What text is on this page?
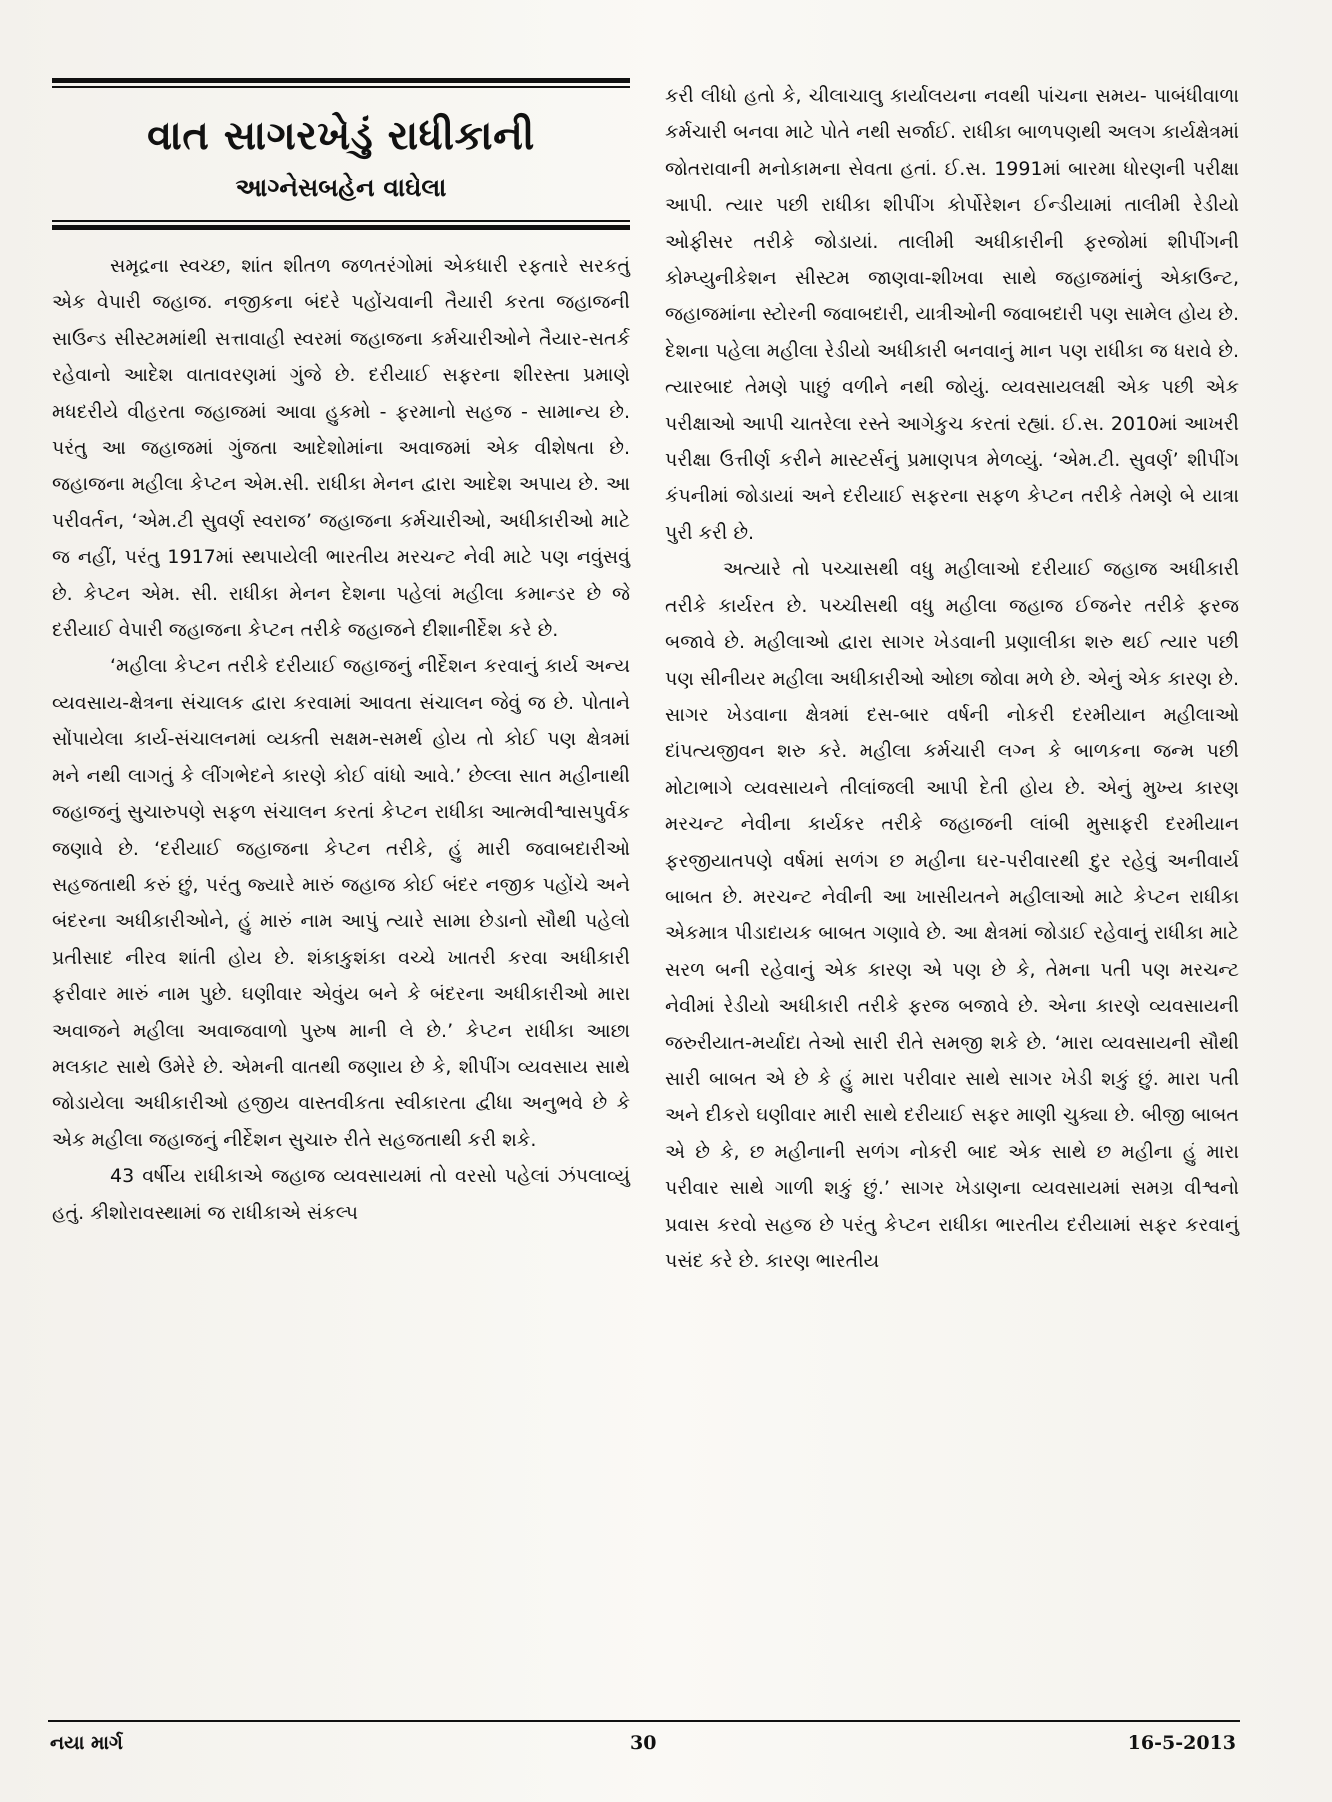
વાત સાગરખેડું રાધીકાની
આગ્નેસબહેન વાઘેલા

સમૃદ્રના સ્વચ્છ, શાંત શીતળ જળતરંગોમાં એકધારી રફતારે સરકતું એક વેપારી જહાજ. નજીકના બંદરે પહોંચવાની તૈયારી કરતા જહાજની સાઉન્ડ સીસ્ટમમાંથી સત્તાવાહી સ્વરમાં જહાજના કર્મચારીઓને તૈયાર-સતર્ક રહેવાનો આદેશ વાતાવરણમાં ગુંજે છે. દરીયાઈ સફરના શીરસ્તા પ્રમાણે મધદરીયે વીહરતા જહાજમાં આવા હુકમો - ફરમાનો સહજ - સામાન્ય છે. પરંતુ આ જહાજમાં ગુંજતા આદેશોમાંના અવાજમાં એક વીશેષતા છે. જહાજના મહીલા કેપ્ટન એમ.સી. રાધીકા મેનન દ્વારા આદેશ અપાય છે. આ પરીવર્તન, ‘એમ.ટી સુવર્ણ સ્વરાજ’ જહાજના કર્મચારીઓ, અધીકારીઓ માટે જ નહીં, પરંતુ 1917માં સ્થપાયેલી ભારતીય મરચન્ટ નેવી માટે પણ નવુંસવું છે. કેપ્ટન એમ. સી. રાધીકા મેનન દેશના પહેલાં મહીલા કમાન્ડર છે જે દરીયાઈ વેપારી જહાજના કેપ્ટન તરીકે જહાજને દીશાનીર્દેશ કરે છે.

‘મહીલા કેપ્ટન તરીકે દરીયાઈ જહાજનું નીર્દેશન કરવાનું કાર્ય અન્ય વ્યવસાય-ક્ષેત્રના સંચાલક દ્વારા કરવામાં આવતા સંચાલન જેવું જ છે. પોતાને સોંપાયેલા કાર્ય-સંચાલનમાં વ્યક્તી સક્ષમ-સમર્થ હોય તો કોઈ પણ ક્ષેત્રમાં મને નથી લાગતું કે લીંગભેદને કારણે કોઈ વાંધો આવે.’ છેલ્લા સાત મહીનાથી જહાજનું સુચારુપણે સફળ સંચાલન કરતાં કેપ્ટન રાધીકા આત્મવીશ્વાસપુર્વક જણાવે છે. ‘દરીયાઈ જહાજના કેપ્ટન તરીકે, હું મારી જવાબદારીઓ સહજતાથી કરું છું, પરંતુ જ્યારે મારું જહાજ કોઈ બંદર નજીક પહોંચે અને બંદરના અધીકારીઓને, હું મારું નામ આપું ત્યારે સામા છેડાનો સૌથી પહેલો પ્રતીસાદ નીરવ શાંતી હોય છે. શંકાકુશંકા વચ્ચે ખાતરી કરવા અધીકારી ફરીવાર મારું નામ પુછે. ઘણીવાર એવુંય બને કે બંદરના અધીકારીઓ મારા અવાજને મહીલા અવાજવાળો પુરુષ માની લે છે.’ કેપ્ટન રાધીકા આછા મલકાટ સાથે ઉમેરે છે. એમની વાતથી જણાય છે કે, શીપીંગ વ્યવસાય સાથે જોડાયેલા અધીકારીઓ હજીય વાસ્તવીકતા સ્વીકારતા દ્વીધા અનુભવે છે કે એક મહીલા જહાજનું નીર્દેશન સુચારુ રીતે સહજતાથી કરી શકે.

43 વર્ષીય રાધીકાએ જહાજ વ્યવસાયમાં તો વરસો પહેલાં ઝંપલાવ્યું હતું. કીશોરાવસ્થામાં જ રાધીકાએ સંકલ્પ

કરી લીધો હતો કે, ચીલાચાલુ કાર્યાલયના નવથી પાંચના સમય- પાબંધીવાળા કર્મચારી બનવા માટે પોતે નથી સર્જાઈ. રાધીકા બાળપણથી અલગ કાર્યક્ષેત્રમાં જોતરાવાની મનોકામના સેવતા હતાં. ઈ.સ. 1991માં બારમા ધોરણની પરીક્ષા આપી. ત્યાર પછી રાધીકા શીપીંગ કોર્પોરેશન ઈન્ડીયામાં તાલીમી રેડીયો ઓફીસર તરીકે જોડાયાં. તાલીમી અધીકારીની ફરજોમાં શીપીંગની કોમ્પ્યુનીકેશન સીસ્ટમ જાણવા-શીખવા સાથે જહાજમાંનું એકાઉન્ટ, જહાજમાંના સ્ટોરની જવાબદારી, યાત્રીઓની જવાબદારી પણ સામેલ હોય છે. દેશના પહેલા મહીલા રેડીયો અધીકારી બનવાનું માન પણ રાધીકા જ ધરાવે છે. ત્યારબાદ તેમણે પાછું વળીને નથી જોયું. વ્યવસાયલક્ષી એક પછી એક પરીક્ષાઓ આપી ચાતરેલા રસ્તે આગેકુચ કરતાં રહ્યાં. ઈ.સ. 2010માં આખરી પરીક્ષા ઉત્તીર્ણ કરીને માસ્ટર્સનું પ્રમાણપત્ર મેળવ્યું. ‘એમ.ટી. સુવર્ણ’ શીપીંગ કંપનીમાં જોડાયાં અને દરીયાઈ સફરના સફળ કેપ્ટન તરીકે તેમણે બે યાત્રા પુરી કરી છે.

અત્યારે તો પચ્ચાસથી વધુ મહીલાઓ દરીયાઈ જહાજ અધીકારી તરીકે કાર્યરત છે. પચ્ચીસથી વધુ મહીલા જહાજ ઈજનેર તરીકે ફરજ બજાવે છે. મહીલાઓ દ્વારા સાગર ખેડવાની પ્રણાલીકા શરુ થઈ ત્યાર પછી પણ સીનીયર મહીલા અધીકારીઓ ઓછા જોવા મળે છે. એનું એક કારણ છે. સાગર ખેડવાના ક્ષેત્રમાં દસ-બાર વર્ષની નોકરી દરમીયાન મહીલાઓ દાંપત્યજીવન શરુ કરે. મહીલા કર્મચારી લગ્ન કે બાળકના જન્મ પછી મોટાભાગે વ્યવસાયને તીલાંજલી આપી દેતી હોય છે. એનું મુખ્ય કારણ મરચન્ટ નેવીના કાર્યકર તરીકે જહાજની લાંબી મુસાફરી દરમીયાન ફરજીયાતપણે વર્ષમાં સળંગ છ મહીના ઘર-પરીવારથી દુર રહેવું અનીવાર્ય બાબત છે. મરચન્ટ નેવીની આ ખાસીયતને મહીલાઓ માટે કેપ્ટન રાધીકા એકમાત્ર પીડાદાયક બાબત ગણાવે છે. આ ક્ષેત્રમાં જોડાઈ રહેવાનું રાધીકા માટે સરળ બની રહેવાનું એક કારણ એ પણ છે કે, તેમના પતી પણ મરચન્ટ નેવીમાં રેડીયો અધીકારી તરીકે ફરજ બજાવે છે. એના કારણે વ્યવસાયની જરુરીયાત-મર્યાદા તેઓ સારી રીતે સમજી શકે છે. ‘મારા વ્યવસાયની સૌથી સારી બાબત એ છે કે હું મારા પરીવાર સાથે સાગર ખેડી શકું છું. મારા પતી અને દીકરો ઘણીવાર મારી સાથે દરીયાઈ સફર માણી ચુક્યા છે. બીજી બાબત એ છે કે, છ મહીનાની સળંગ નોકરી બાદ એક સાથે છ મહીના હું મારા પરીવાર સાથે ગાળી શકું છું.’ સાગર ખેડાણના વ્યવસાયમાં સમગ્ર વીશ્વનો પ્રવાસ કરવો સહજ છે પરંતુ કેપ્ટન રાધીકા ભારતીય દરીયામાં સફર કરવાનું પસંદ કરે છે. કારણ ભારતીય

નયા માર્ગ	30	16-5-2013
